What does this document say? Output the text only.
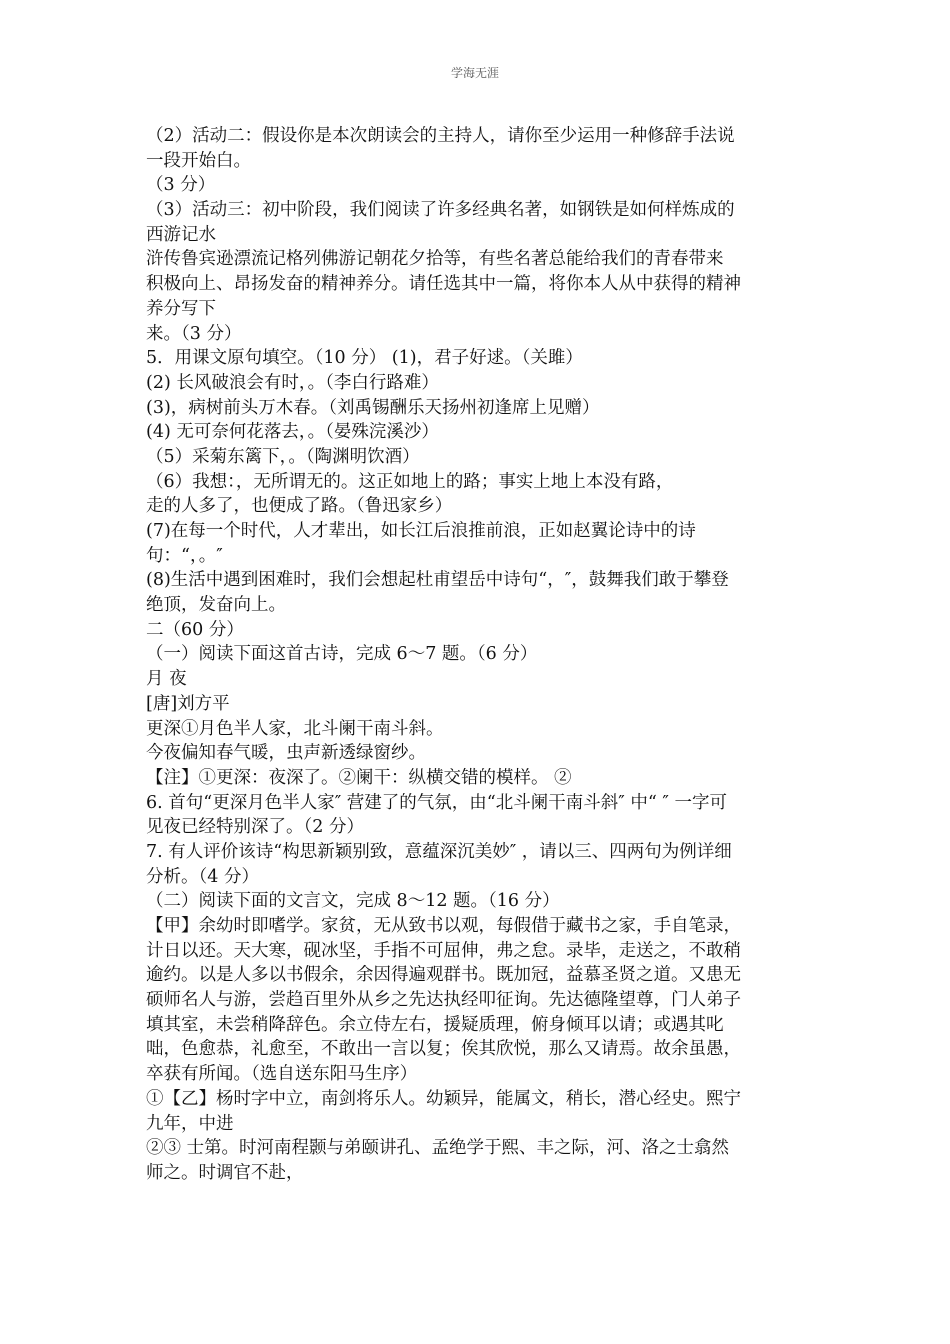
学海无涯
（2）活动二：假设你是本次朗读会的主持人，请你至少运用一种修辞手法说
一段开始白。
（3 分）
（3）活动三：初中阶段，我们阅读了许多经典名著，如钢铁是如何样炼成的
西游记水
浒传鲁宾逊漂流记格列佛游记朝花夕拾等，有些名著总能给我们的青春带来
积极向上、昂扬发奋的精神养分。请任选其中一篇，将你本人从中获得的精神
养分写下
来。（3 分）
5．用课文原句填空。（10 分） (1)，君子好逑。（关雎）
(2) 长风破浪会有时，。（李白行路难）
(3)，病树前头万木春。（刘禹锡酬乐天扬州初逢席上见赠）
(4) 无可奈何花落去，。（晏殊浣溪沙）
（5）采菊东篱下，。（陶渊明饮酒）
（6）我想：，无所谓无的。这正如地上的路；事实上地上本没有路，
走的人多了，也便成了路。（鲁迅家乡）
(7)在每一个时代，人才辈出，如长江后浪推前浪，正如赵翼论诗中的诗
句：“，。″
(8)生活中遇到困难时，我们会想起杜甫望岳中诗句“，″，鼓舞我们敢于攀登
绝顶，发奋向上。
二（60 分）
（一）阅读下面这首古诗，完成 6～7 题。（6 分）
月 夜
[唐]刘方平
更深①月色半人家，北斗阑干南斗斜。
今夜偏知春气暖，虫声新透绿窗纱。
【注】①更深：夜深了。②阑干：纵横交错的模样。 ②
6. 首句“更深月色半人家″ 营建了的气氛，由“北斗阑干南斗斜″ 中“ ″ 一字可
见夜已经特别深了。（2 分）
7. 有人评价该诗“构思新颖别致，意蕴深沉美妙″ ，请以三、四两句为例详细
分析。（4 分）
（二）阅读下面的文言文，完成 8～12 题。（16 分）
【甲】余幼时即嗜学。家贫，无从致书以观，每假借于藏书之家，手自笔录，
计日以还。天大寒，砚冰坚，手指不可屈伸，弗之怠。录毕，走送之，不敢稍
逾约。以是人多以书假余，余因得遍观群书。既加冠，益慕圣贤之道。又患无
硕师名人与游，尝趋百里外从乡之先达执经叩征询。先达德隆望尊，门人弟子
填其室，未尝稍降辞色。余立侍左右，援疑质理，俯身倾耳以请；或遇其叱
咄，色愈恭，礼愈至，不敢出一言以复；俟其欣悦，那么又请焉。故余虽愚，
卒获有所闻。（选自送东阳马生序）
①【乙】杨时字中立，南剑将乐人。幼颖异，能属文，稍长，潜心经史。熙宁
九年，中进
②③ 士第。时河南程颢与弟颐讲孔、孟绝学于熙、丰之际，河、洛之士翕然
师之。时调官不赴，
